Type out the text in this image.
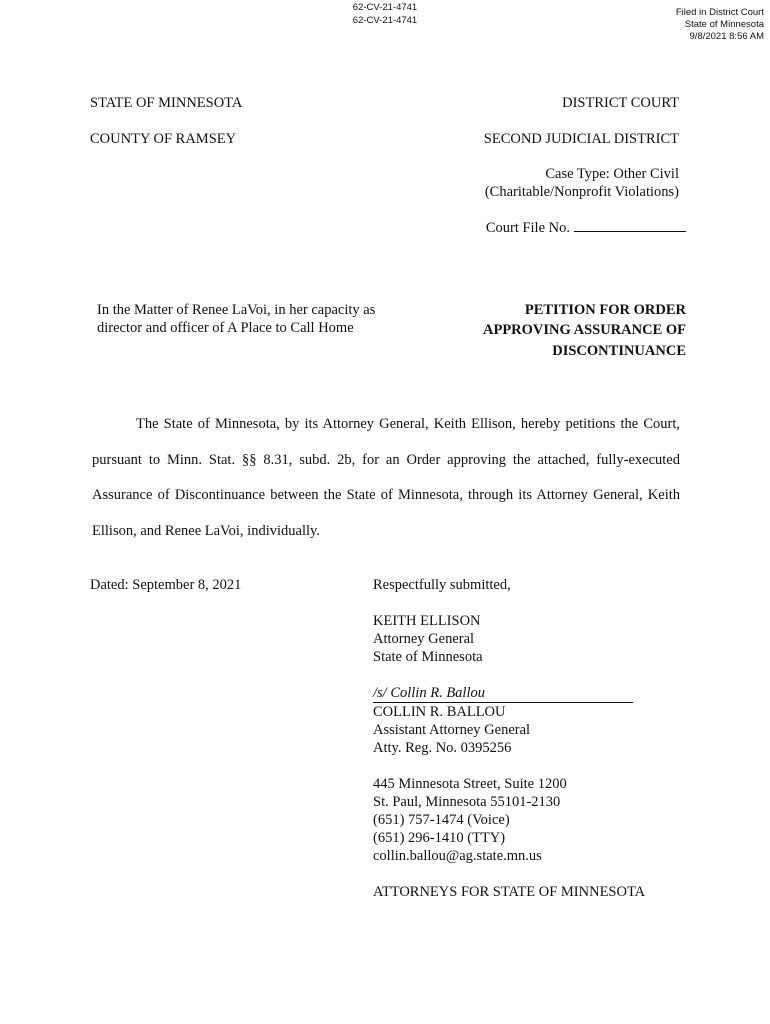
62-CV-21-4741
62-CV-21-4741
Filed in District Court
State of Minnesota
9/8/2021 8:56 AM
STATE OF MINNESOTA
COUNTY OF RAMSEY
DISTRICT COURT
SECOND JUDICIAL DISTRICT
Case Type: Other Civil
(Charitable/Nonprofit Violations)
Court File No.
In the Matter of Renee LaVoi, in her capacity as
director and officer of A Place to Call Home
PETITION FOR ORDER
APPROVING ASSURANCE OF
DISCONTINUANCE

The State of Minnesota, by its Attorney General, Keith Ellison, hereby petitions the Court, pursuant to Minn. Stat. §§ 8.31, subd. 2b, for an Order approving the attached, fully-executed Assurance of Discontinuance between the State of Minnesota, through its Attorney General, Keith Ellison, and Renee LaVoi, individually.

Dated: September 8, 2021	Respectfully submitted,
KEITH ELLISON
Attorney General
State of Minnesota
/s/ Collin R. Ballou
COLLIN R. BALLOU
Assistant Attorney General
Atty. Reg. No. 0395256
445 Minnesota Street, Suite 1200
St. Paul, Minnesota 55101-2130
(651) 757-1474 (Voice)
(651) 296-1410 (TTY)
collin.ballou@ag.state.mn.us
ATTORNEYS FOR STATE OF MINNESOTA
